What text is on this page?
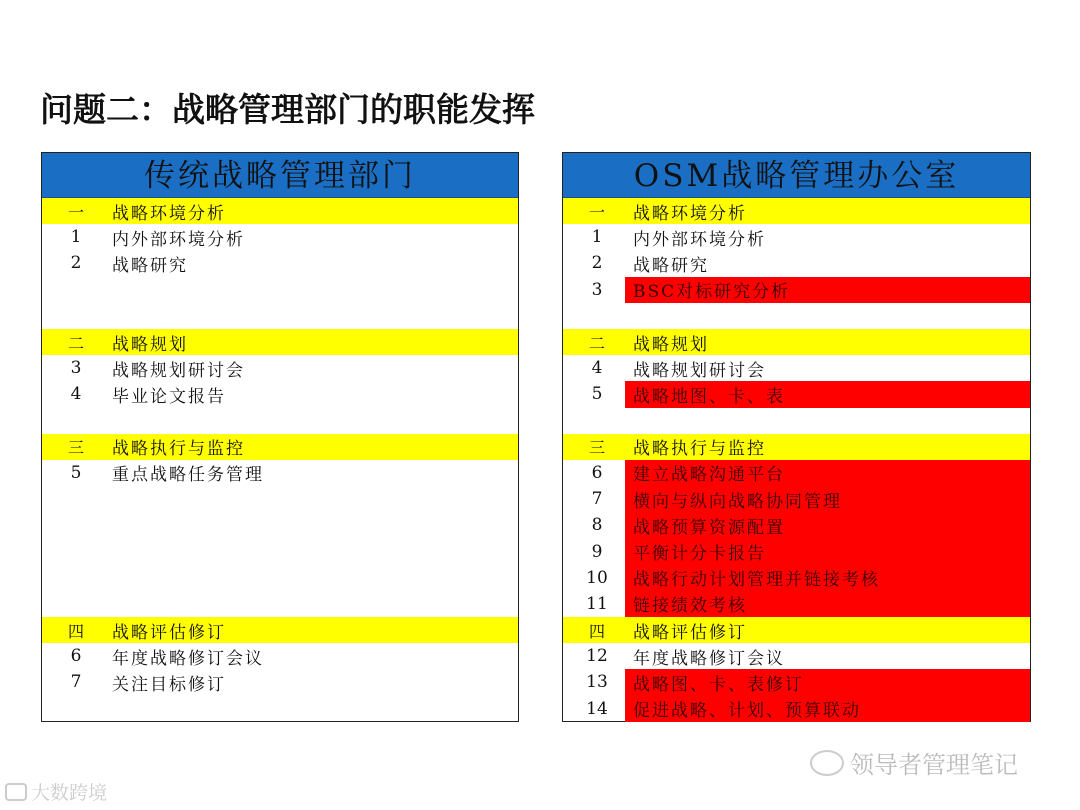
问题二：战略管理部门的职能发挥
传统战略管理部门
一	战略环境分析
1	内外部环境分析
2	战略研究
二	战略规划
3	战略规划研讨会
4	毕业论文报告
三	战略执行与监控
5	重点战略任务管理
四	战略评估修订
6	年度战略修订会议
7	关注目标修订
OSM战略管理办公室
一	战略环境分析
1	内外部环境分析
2	战略研究
3	BSC对标研究分析
二	战略规划
4	战略规划研讨会
5	战略地图、卡、表
三	战略执行与监控
6	建立战略沟通平台
7	横向与纵向战略协同管理
8	战略预算资源配置
9	平衡计分卡报告
10	战略行动计划管理并链接考核
11	链接绩效考核
四	战略评估修订
12	年度战略修订会议
13	战略图、卡、表修订
14	促进战略、计划、预算联动
领导者管理笔记
大数跨境
